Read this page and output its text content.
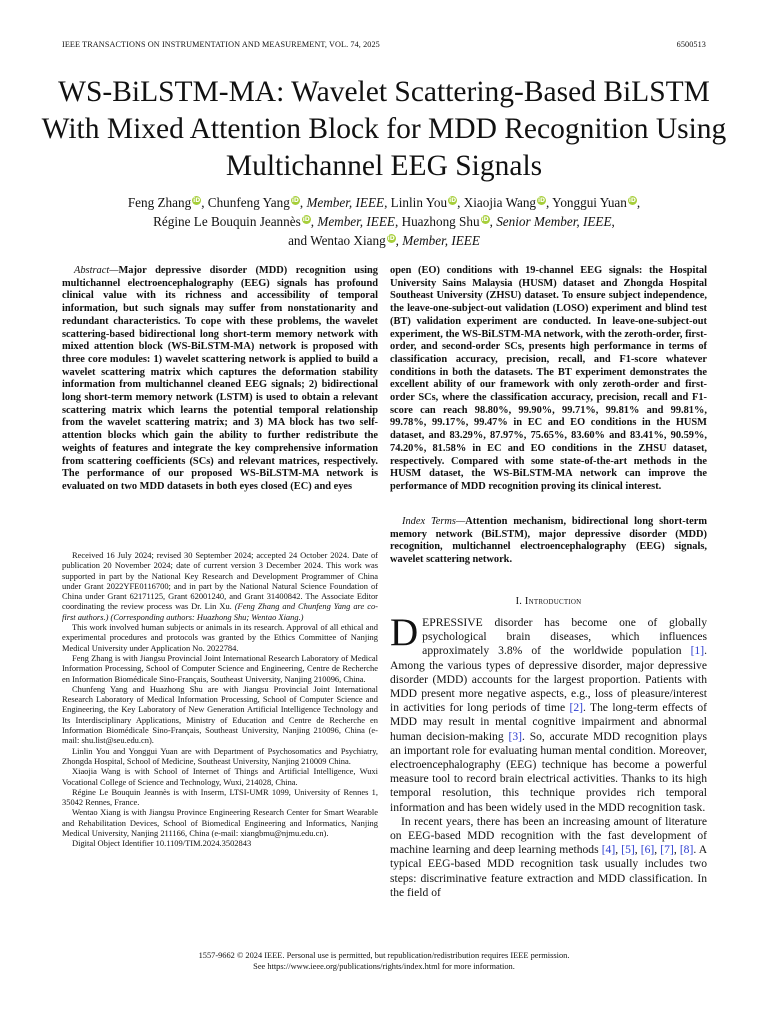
IEEE TRANSACTIONS ON INSTRUMENTATION AND MEASUREMENT, VOL. 74, 2025	6500513
WS-BiLSTM-MA: Wavelet Scattering-Based BiLSTM With Mixed Attention Block for MDD Recognition Using Multichannel EEG Signals
Feng Zhang iD, Chunfeng Yang iD, Member, IEEE, Linlin You iD, Xiaojia Wang iD, Yonggui Yuan iD,
Régine Le Bouquin Jeannès iD, Member, IEEE, Huazhong Shu iD, Senior Member, IEEE,
and Wentao Xiang iD, Member, IEEE

Abstract—Major depressive disorder (MDD) recognition using multichannel electroencephalography (EEG) signals has profound clinical value with its richness and accessibility of temporal information, but such signals may suffer from nonstationarity and redundant characteristics. To cope with these problems, the wavelet scattering-based bidirectional long short-term memory network with mixed attention block (WS-BiLSTM-MA) network is proposed with three core modules: 1) wavelet scattering network is applied to build a wavelet scattering matrix which captures the deformation stability information from multichannel cleaned EEG signals; 2) bidirectional long short-term memory network (LSTM) is used to obtain a relevant scattering matrix which learns the potential temporal relationship from the wavelet scattering matrix; and 3) MA block has two self-attention blocks which gain the ability to further redistribute the weights of features and integrate the key comprehensive information from scattering coefficients (SCs) and relevant matrices, respectively. The performance of our proposed WS-BiLSTM-MA network is evaluated on two MDD datasets in both eyes closed (EC) and eyes

open (EO) conditions with 19-channel EEG signals: the Hospital University Sains Malaysia (HUSM) dataset and Zhongda Hospital Southeast University (ZHSU) dataset. To ensure subject independence, the leave-one-subject-out validation (LOSO) experiment and blind test (BT) validation experiment are conducted. In leave-one-subject-out experiment, the WS-BiLSTM-MA network, with the zeroth-order, first-order, and second-order SCs, presents high performance in terms of classification accuracy, precision, recall, and F1-score whatever conditions in both the datasets. The BT experiment demonstrates the excellent ability of our framework with only zeroth-order and first-order SCs, where the classification accuracy, precision, recall and F1-score can reach 98.80%, 99.90%, 99.71%, 99.81% and 99.81%, 99.78%, 99.17%, 99.47% in EC and EO conditions in the HUSM dataset, and 83.29%, 87.97%, 75.65%, 83.60% and 83.41%, 90.59%, 74.20%, 81.58% in EC and EO conditions in the ZHSU dataset, respectively. Compared with some state-of-the-art methods in the HUSM dataset, the WS-BiLSTM-MA network can improve the performance of MDD recognition proving its clinical interest.

Index Terms—Attention mechanism, bidirectional long short-term memory network (BiLSTM), major depressive disorder (MDD) recognition, multichannel electroencephalography (EEG) signals, wavelet scattering network.

Received 16 July 2024; revised 30 September 2024; accepted 24 October 2024. Date of publication 20 November 2024; date of current version 3 December 2024. This work was supported in part by the National Key Research and Development Programmer of China under Grant 2022YFE0116700; and in part by the National Natural Science Foundation of China under Grant 62171125, Grant 62001240, and Grant 31400842. The Associate Editor coordinating the review process was Dr. Lin Xu. (Feng Zhang and Chunfeng Yang are co-first authors.) (Corresponding authors: Huazhong Shu; Wentao Xiang.)

This work involved human subjects or animals in its research. Approval of all ethical and experimental procedures and protocols was granted by the Ethics Committee of Nanjing Medical University under Application No. 2022784.

Feng Zhang is with Jiangsu Provincial Joint International Research Laboratory of Medical Information Processing, School of Computer Science and Engineering, Centre de Recherche en Information Biomédicale Sino-Français, Southeast University, Nanjing 210096, China.

Chunfeng Yang and Huazhong Shu are with Jiangsu Provincial Joint International Research Laboratory of Medical Information Processing, School of Computer Science and Engineering, the Key Laboratory of New Generation Artificial Intelligence Technology and Its Interdisciplinary Applications, Ministry of Education and Centre de Recherche en Information Biomédicale Sino-Français, Southeast University, Nanjing 210096, China (e-mail: shu.list@seu.edu.cn).

Linlin You and Yonggui Yuan are with Department of Psychosomatics and Psychiatry, Zhongda Hospital, School of Medicine, Southeast University, Nanjing 210009 China.

Xiaojia Wang is with School of Internet of Things and Artificial Intelligence, Wuxi Vocational College of Science and Technology, Wuxi, 214028, China.

Régine Le Bouquin Jeannès is with Inserm, LTSI-UMR 1099, University of Rennes 1, 35042 Rennes, France.

Wentao Xiang is with Jiangsu Province Engineering Research Center for Smart Wearable and Rehabilitation Devices, School of Biomedical Engineering and Informatics, Nanjing Medical University, Nanjing 211166, China (e-mail: xiangbmu@njmu.edu.cn).

Digital Object Identifier 10.1109/TIM.2024.3502843

I. Introduction

DEPRESSIVE disorder has become one of globally psychological brain diseases, which influences approximately 3.8% of the worldwide population [1]. Among the various types of depressive disorder, major depressive disorder (MDD) accounts for the largest proportion. Patients with MDD present more negative aspects, e.g., loss of pleasure/interest in activities for long periods of time [2]. The long-term effects of MDD may result in mental cognitive impairment and abnormal human decision-making [3]. So, accurate MDD recognition plays an important role for evaluating human mental condition. Moreover, electroencephalography (EEG) technique has become a powerful measure tool to record brain electrical activities. Thanks to its high temporal resolution, this technique provides rich temporal information and has been widely used in the MDD recognition task.

In recent years, there has been an increasing amount of literature on EEG-based MDD recognition with the fast development of machine learning and deep learning methods [4], [5], [6], [7], [8]. A typical EEG-based MDD recognition task usually includes two steps: discriminative feature extraction and MDD classification. In the field of

1557-9662 © 2024 IEEE. Personal use is permitted, but republication/redistribution requires IEEE permission.
See https://www.ieee.org/publications/rights/index.html for more information.
